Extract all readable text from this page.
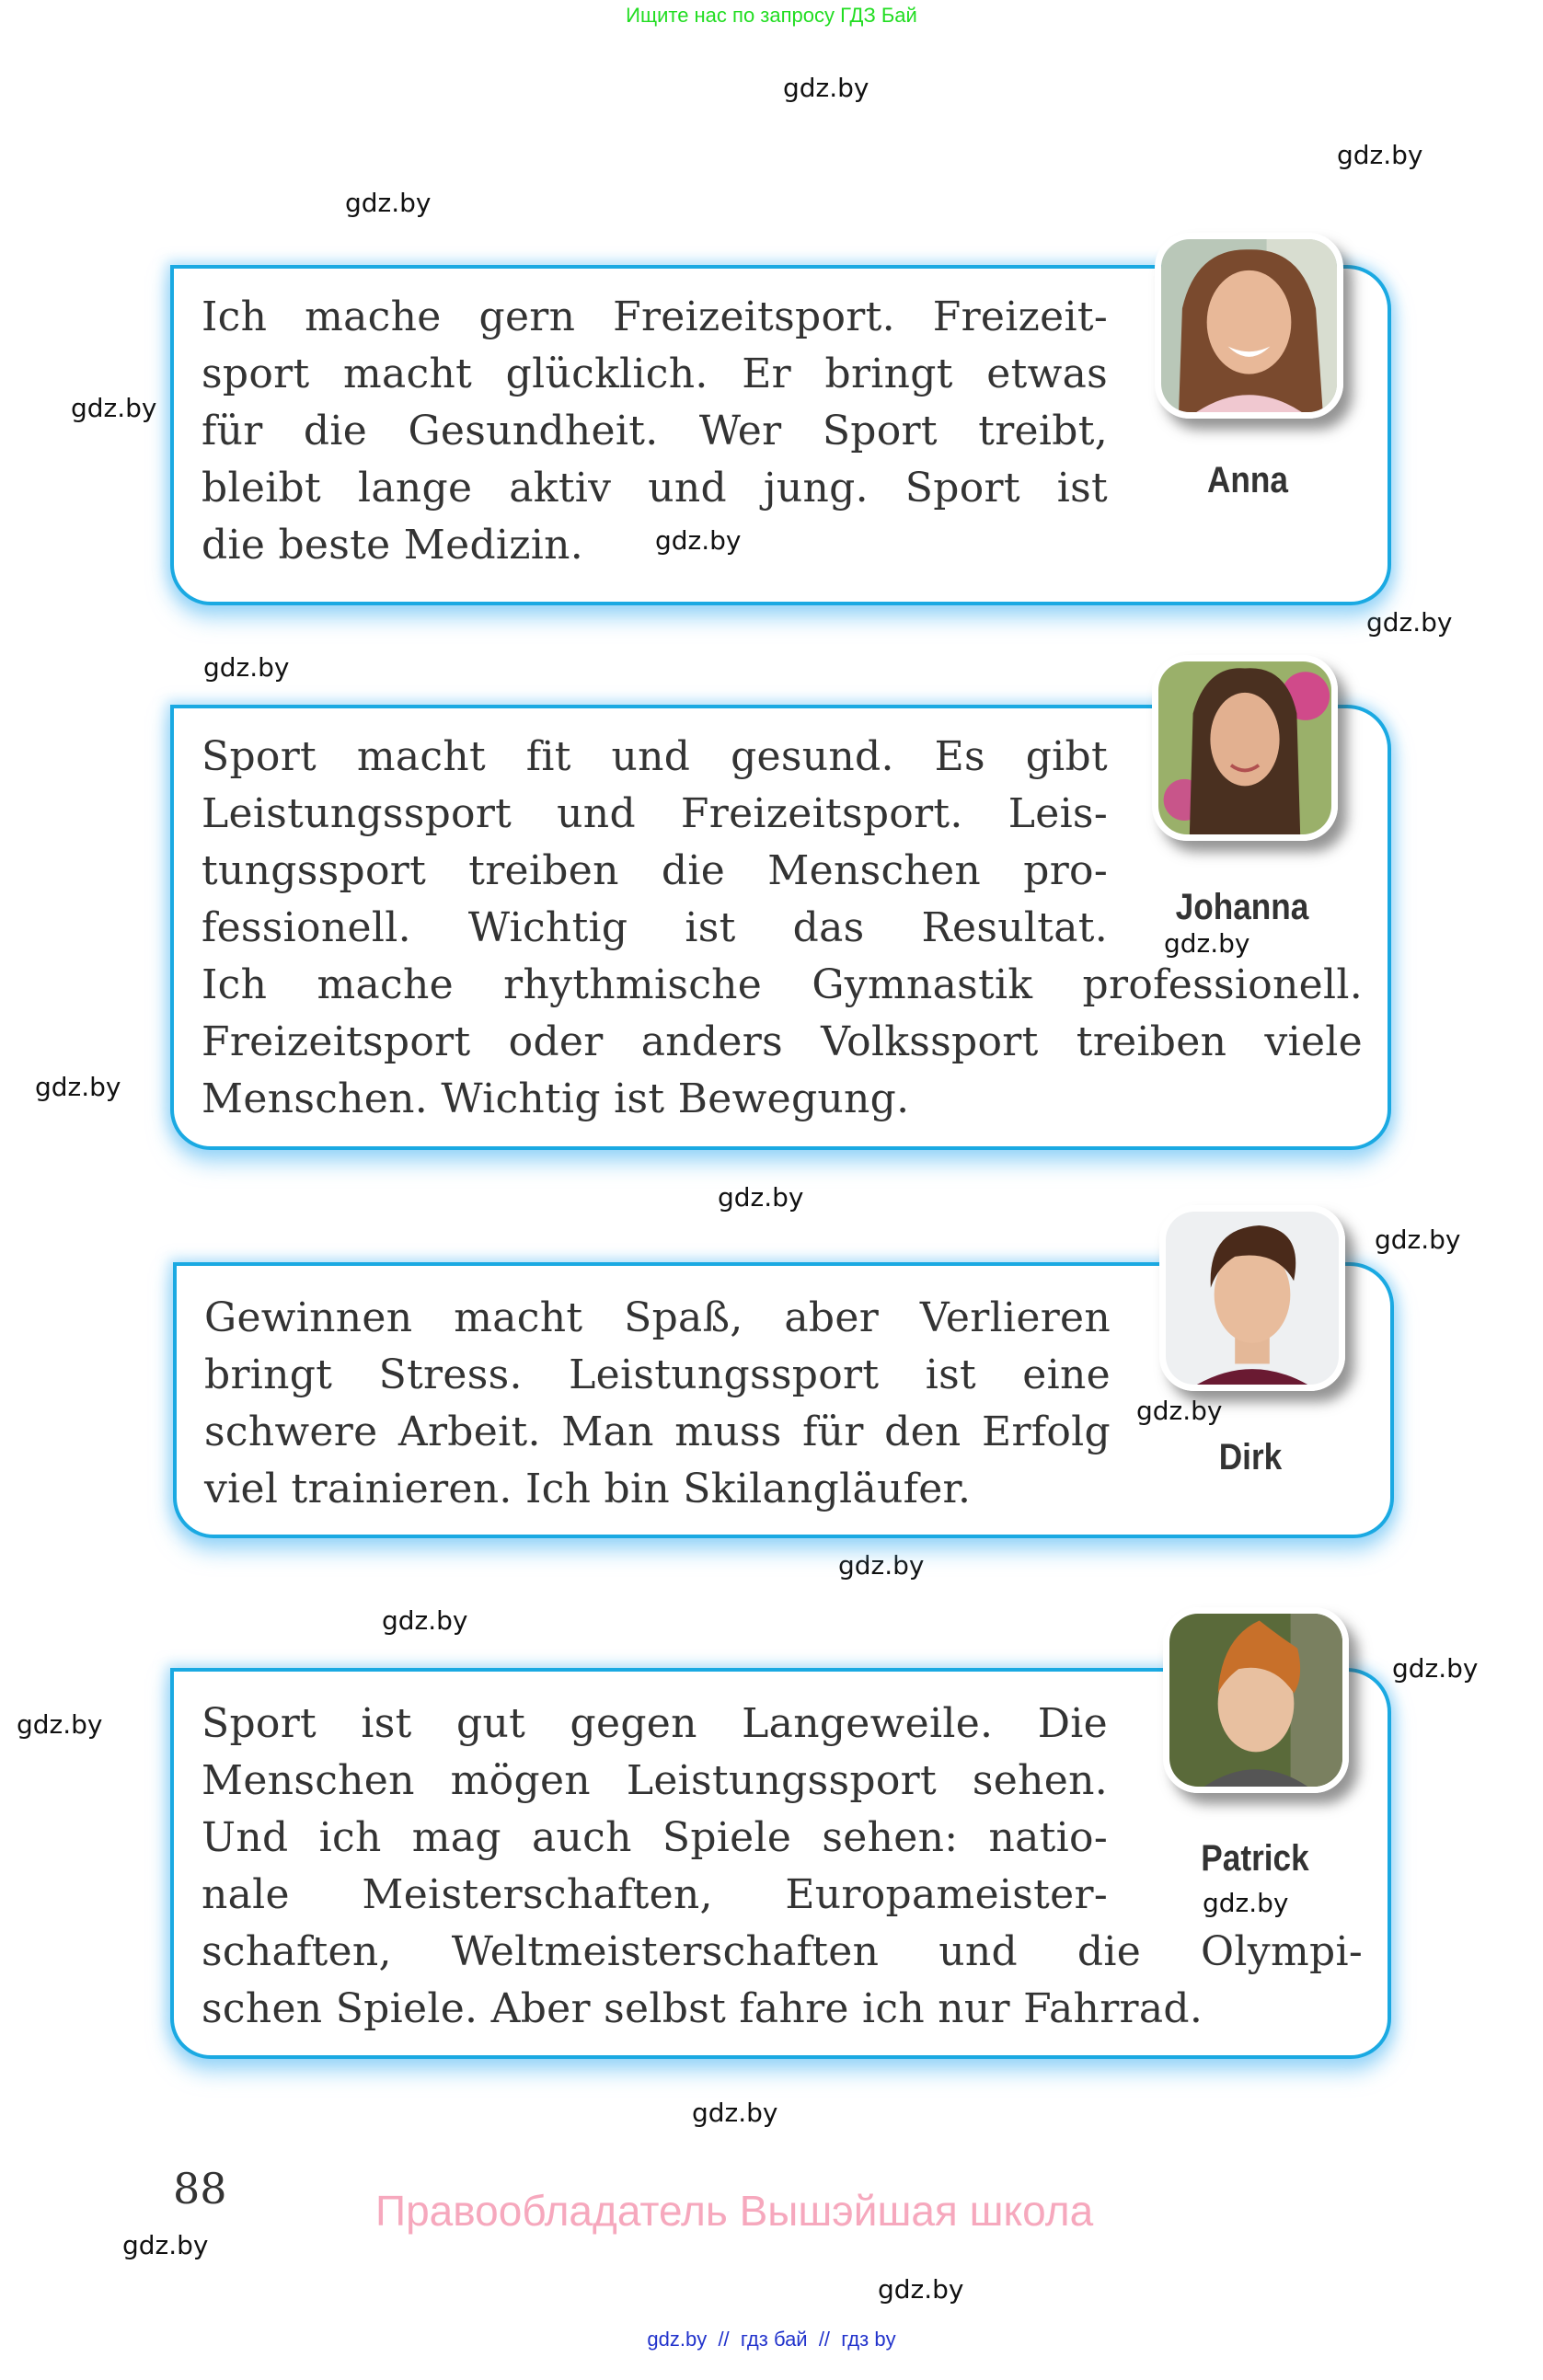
Ищите нас по запросу ГДЗ Бай
gdz.by
gdz.by
gdz.by
gdz.by
gdz.by
gdz.by
gdz.by
gdz.by
gdz.by
gdz.by
gdz.by
gdz.by
gdz.by
gdz.by
gdz.by
gdz.by
Ich mache gern Freizeitsport. Freizeit-
sport macht glücklich. Er bringt etwas
für die Gesundheit. Wer Sport treibt,
bleibt lange aktiv und jung. Sport ist
die beste Medizin.	gdz.by
Anna
Sport macht fit und gesund. Es gibt
Leistungssport und Freizeitsport. Leis-
tungssport treiben die Menschen pro-
fessionell. Wichtig ist das Resultat.
Ich mache rhythmische Gymnastik professionell.
Freizeitsport oder anders Volkssport treiben viele
Menschen. Wichtig ist Bewegung.
Johanna
gdz.by
Gewinnen macht Spaß, aber Verlieren
bringt Stress. Leistungssport ist eine
schwere Arbeit. Man muss für den Erfolg
viel trainieren. Ich bin Skilangläufer.
gdz.by
Dirk
Sport ist gut gegen Langeweile. Die
Menschen mögen Leistungssport sehen.
Und ich mag auch Spiele sehen: natio-
nale Meisterschaften, Europameister-
schaften, Weltmeisterschaften und die Olympi-
schen Spiele. Aber selbst fahre ich nur Fahrrad.
Patrick
gdz.by
88	Правообладатель Вышэйшая школа
gdz.by  //  гдз бай  //  гдз by
